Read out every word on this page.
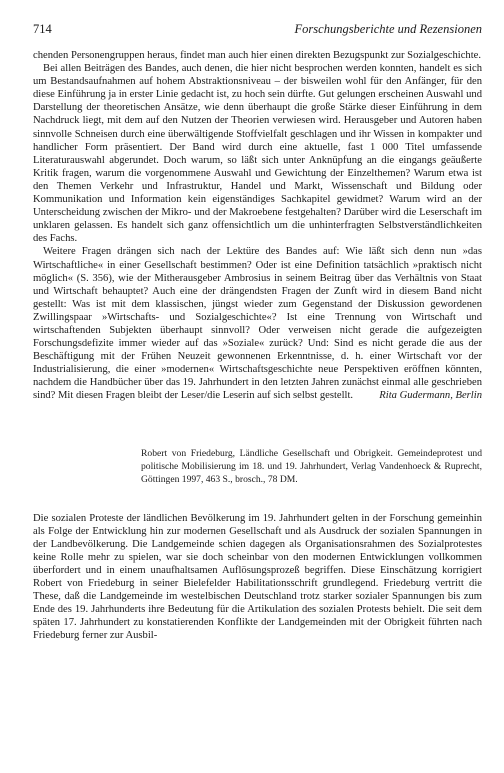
714	Forschungsberichte und Rezensionen

chenden Personengruppen heraus, findet man auch hier einen direkten Bezugspunkt zur Sozialgeschichte.

Bei allen Beiträgen des Bandes, auch denen, die hier nicht besprochen werden konnten, handelt es sich um Bestandsaufnahmen auf hohem Abstraktionsniveau – der bisweilen wohl für den Anfänger, für den diese Einführung ja in erster Linie gedacht ist, zu hoch sein dürfte. Gut gelungen erscheinen Auswahl und Darstellung der theoretischen Ansätze, wie denn überhaupt die große Stärke dieser Einführung in dem Nachdruck liegt, mit dem auf den Nutzen der Theorien verwiesen wird. Herausgeber und Autoren haben sinnvolle Schneisen durch eine überwältigende Stoffvielfalt geschlagen und ihr Wissen in kompakter und handlicher Form präsentiert. Der Band wird durch eine aktuelle, fast 1 000 Titel umfassende Literaturauswahl abgerundet. Doch warum, so läßt sich unter Anknüpfung an die eingangs geäußerte Kritik fragen, warum die vorgenommene Auswahl und Gewichtung der Einzelthemen? Warum etwa ist den Themen Verkehr und Infrastruktur, Handel und Markt, Wissenschaft und Bildung oder Kommunikation und Information kein eigenständiges Sachkapitel gewidmet? Warum wird an der Unterscheidung zwischen der Mikro- und der Makroebene festgehalten? Darüber wird die Leserschaft im unklaren gelassen. Es handelt sich ganz offensichtlich um die unhinterfragten Selbstverständlichkeiten des Fachs.

Weitere Fragen drängen sich nach der Lektüre des Bandes auf: Wie läßt sich denn nun »das Wirtschaftliche« in einer Gesellschaft bestimmen? Oder ist eine Definition tatsächlich »praktisch nicht möglich« (S. 356), wie der Mitherausgeber Ambrosius in seinem Beitrag über das Verhältnis von Staat und Wirtschaft behauptet? Auch eine der drängendsten Fragen der Zunft wird in diesem Band nicht gestellt: Was ist mit dem klassischen, jüngst wieder zum Gegenstand der Diskussion gewordenen Zwillingspaar »Wirtschafts- und Sozialgeschichte«? Ist eine Trennung von Wirtschaft und wirtschaftenden Subjekten überhaupt sinnvoll? Oder verweisen nicht gerade die aufgezeigten Forschungsdefizite immer wieder auf das »Soziale« zurück? Und: Sind es nicht gerade die aus der Beschäftigung mit der Frühen Neuzeit gewonnenen Erkenntnisse, d. h. einer Wirtschaft vor der Industrialisierung, die einer »modernen« Wirtschaftsgeschichte neue Perspektiven eröffnen könnten, nachdem die Handbücher über das 19. Jahrhundert in den letzten Jahren zunächst einmal alle geschrieben sind? Mit diesen Fragen bleibt der Leser/die Leserin auf sich selbst gestellt.	Rita Gudermann, Berlin

Robert von Friedeburg, Ländliche Gesellschaft und Obrigkeit. Gemeindeprotest und politische Mobilisierung im 18. und 19. Jahrhundert, Verlag Vandenhoeck & Ruprecht, Göttingen 1997, 463 S., brosch., 78 DM.

Die sozialen Proteste der ländlichen Bevölkerung im 19. Jahrhundert gelten in der Forschung gemeinhin als Folge der Entwicklung hin zur modernen Gesellschaft und als Ausdruck der sozialen Spannungen in der Landbevölkerung. Die Landgemeinde schien dagegen als Organisationsrahmen des Sozialprotestes keine Rolle mehr zu spielen, war sie doch scheinbar von den modernen Entwicklungen vollkommen überfordert und in einem unaufhaltsamen Auflösungsprozeß begriffen. Diese Einschätzung korrigiert Robert von Friedeburg in seiner Bielefelder Habilitationsschrift grundlegend. Friedeburg vertritt die These, daß die Landgemeinde im westelbischen Deutschland trotz starker sozialer Spannungen bis zum Ende des 19. Jahrhunderts ihre Bedeutung für die Artikulation des sozialen Protests behielt. Die seit dem späten 17. Jahrhundert zu konstatierenden Konflikte der Landgemeinden mit der Obrigkeit führten nach Friedeburg ferner zur Ausbil-
